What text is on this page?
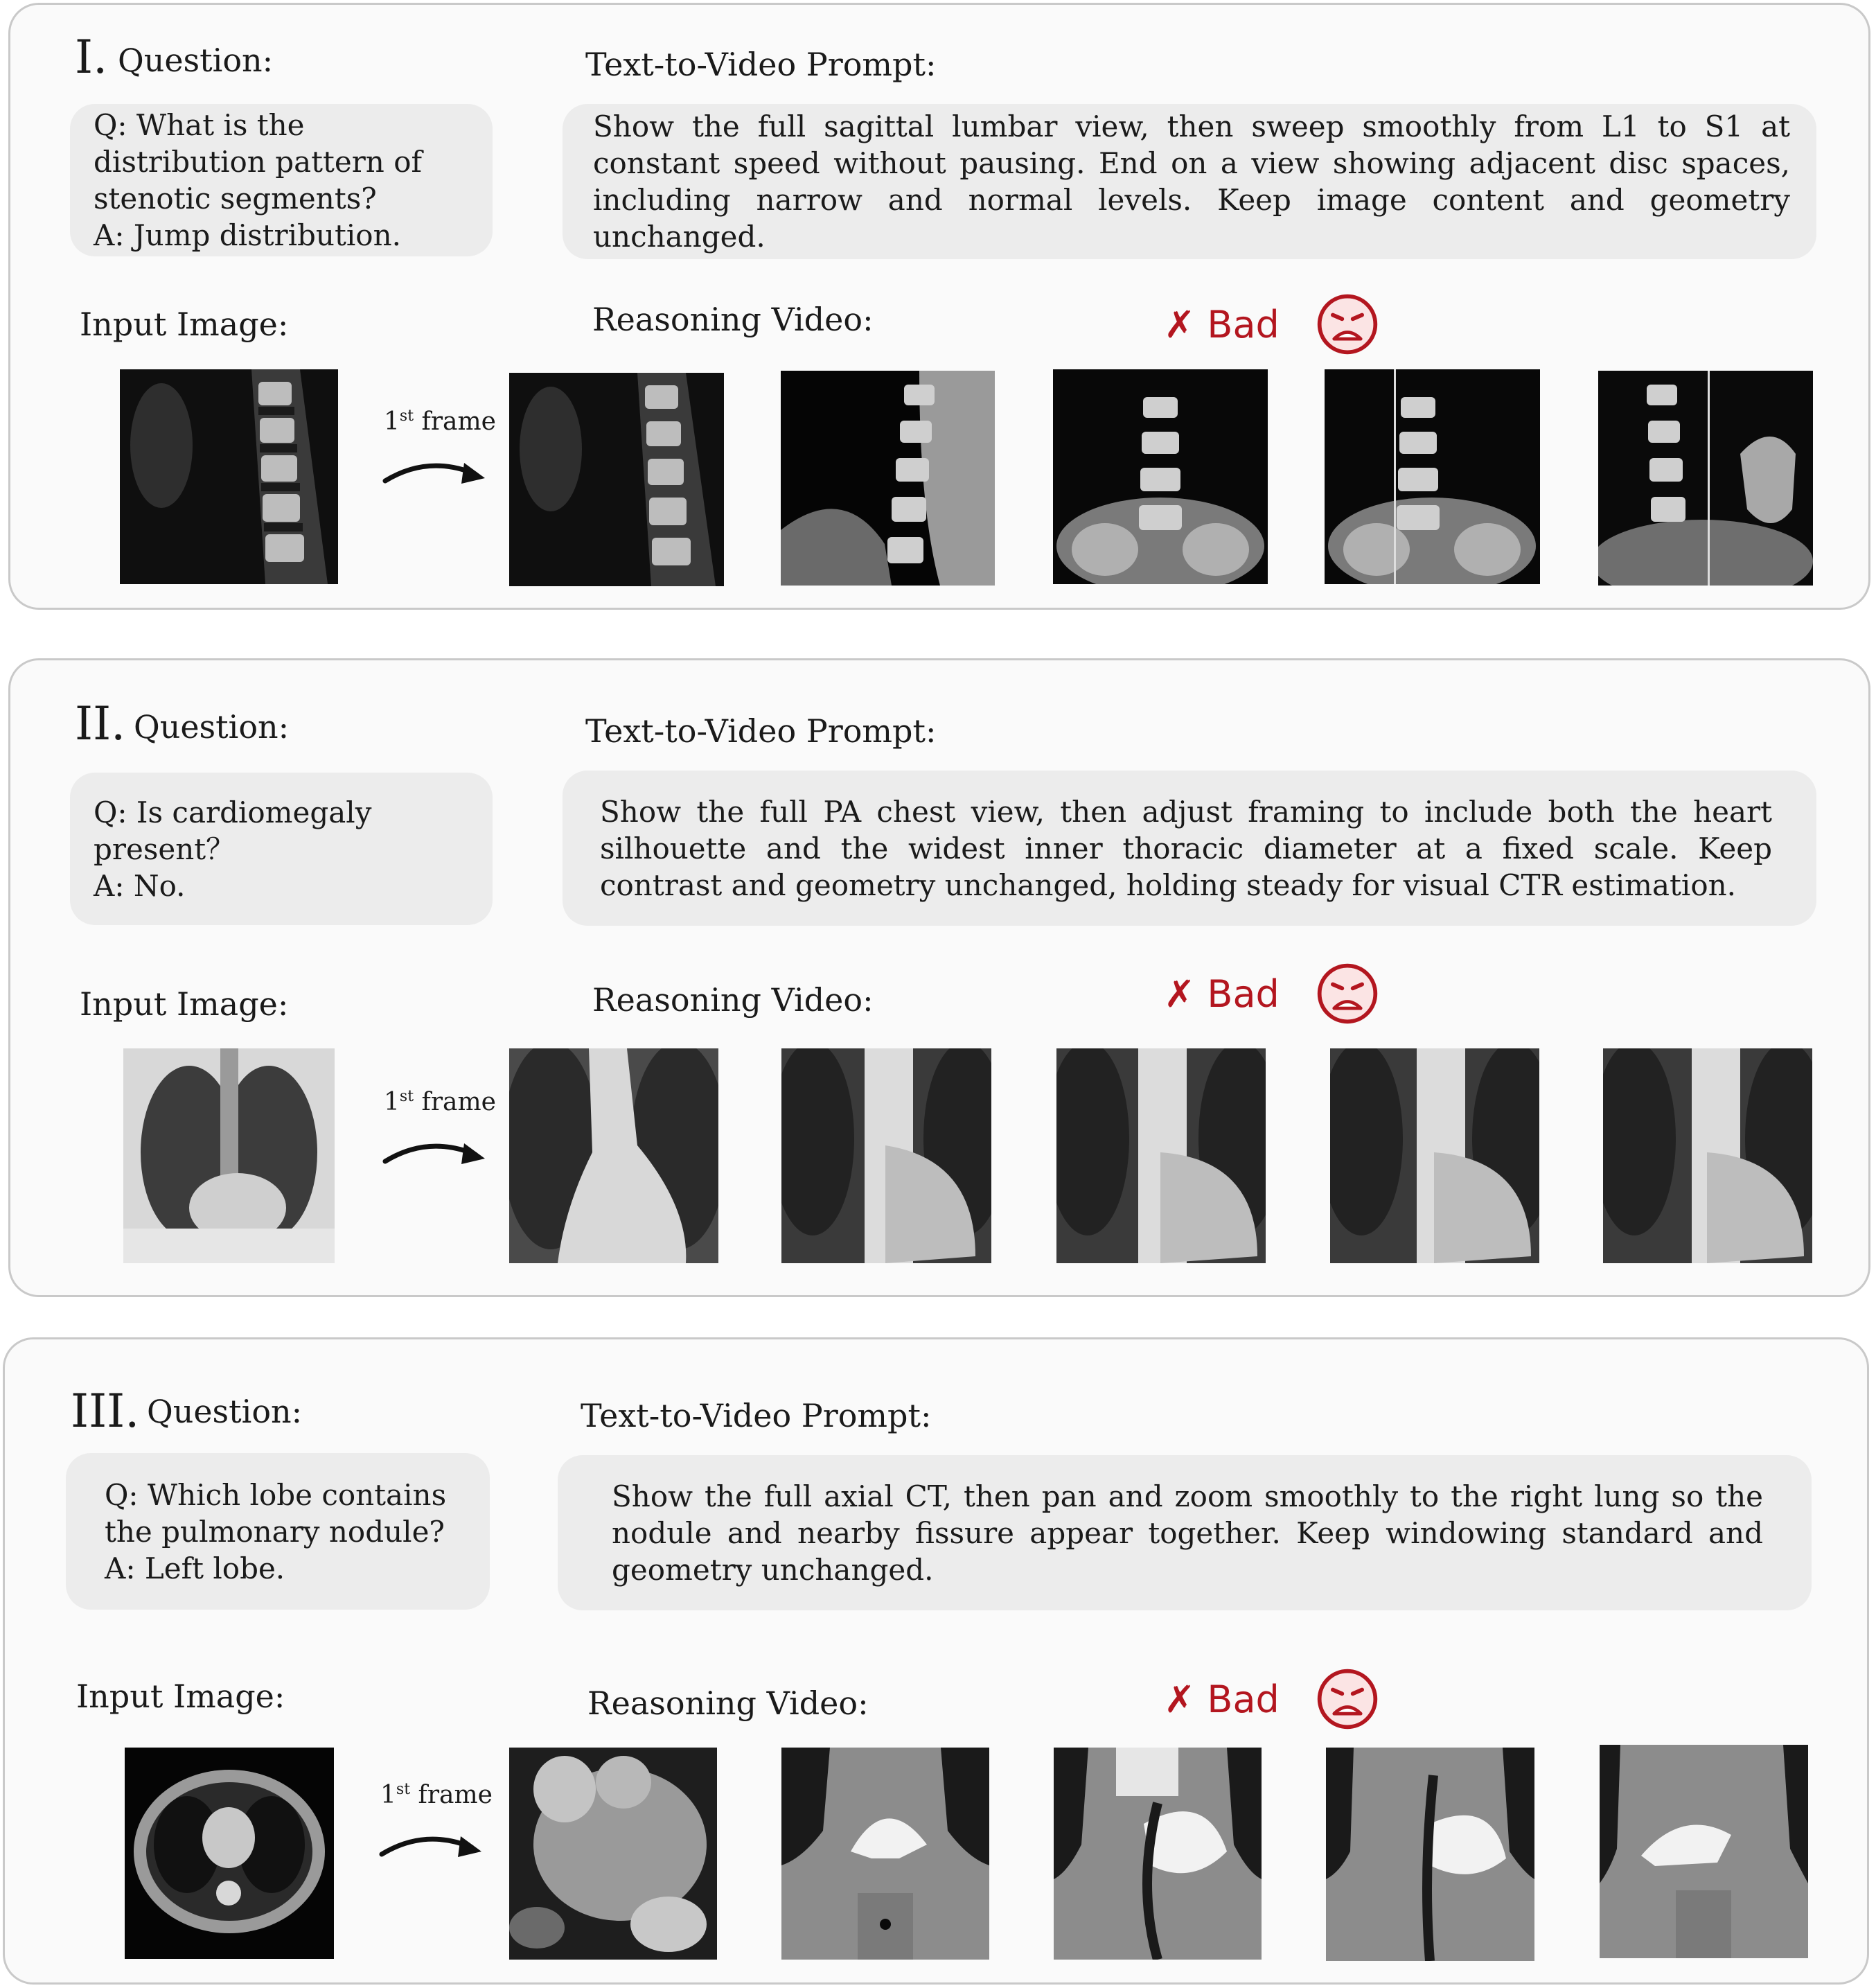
I. Question:	Text-to-Video Prompt:
Q: What is the distribution pattern of stenotic segments?
A: Jump distribution.

Show the full sagittal lumbar view, then sweep smoothly from L1 to S1 at constant speed without pausing. End on a view showing adjacent disc spaces, including narrow and normal levels. Keep image content and geometry unchanged.

Input Image:	Reasoning Video:	✗ Bad
1st frame
II. Question:	Text-to-Video Prompt:
Q: Is cardiomegaly present？
A: No.

Show the full PA chest view, then adjust framing to include both the heart silhouette and the widest inner thoracic diameter at a fixed scale. Keep contrast and geometry unchanged, holding steady for visual CTR estimation.

Input Image:	Reasoning Video:	✗ Bad
1st frame
III. Question:	Text-to-Video Prompt:
Q: Which lobe contains the pulmonary nodule?
A: Left lobe.

Show the full axial CT, then pan and zoom smoothly to the right lung so the nodule and nearby fissure appear together. Keep windowing standard and geometry unchanged.

Input Image:	Reasoning Video:	✗ Bad
1st frame
